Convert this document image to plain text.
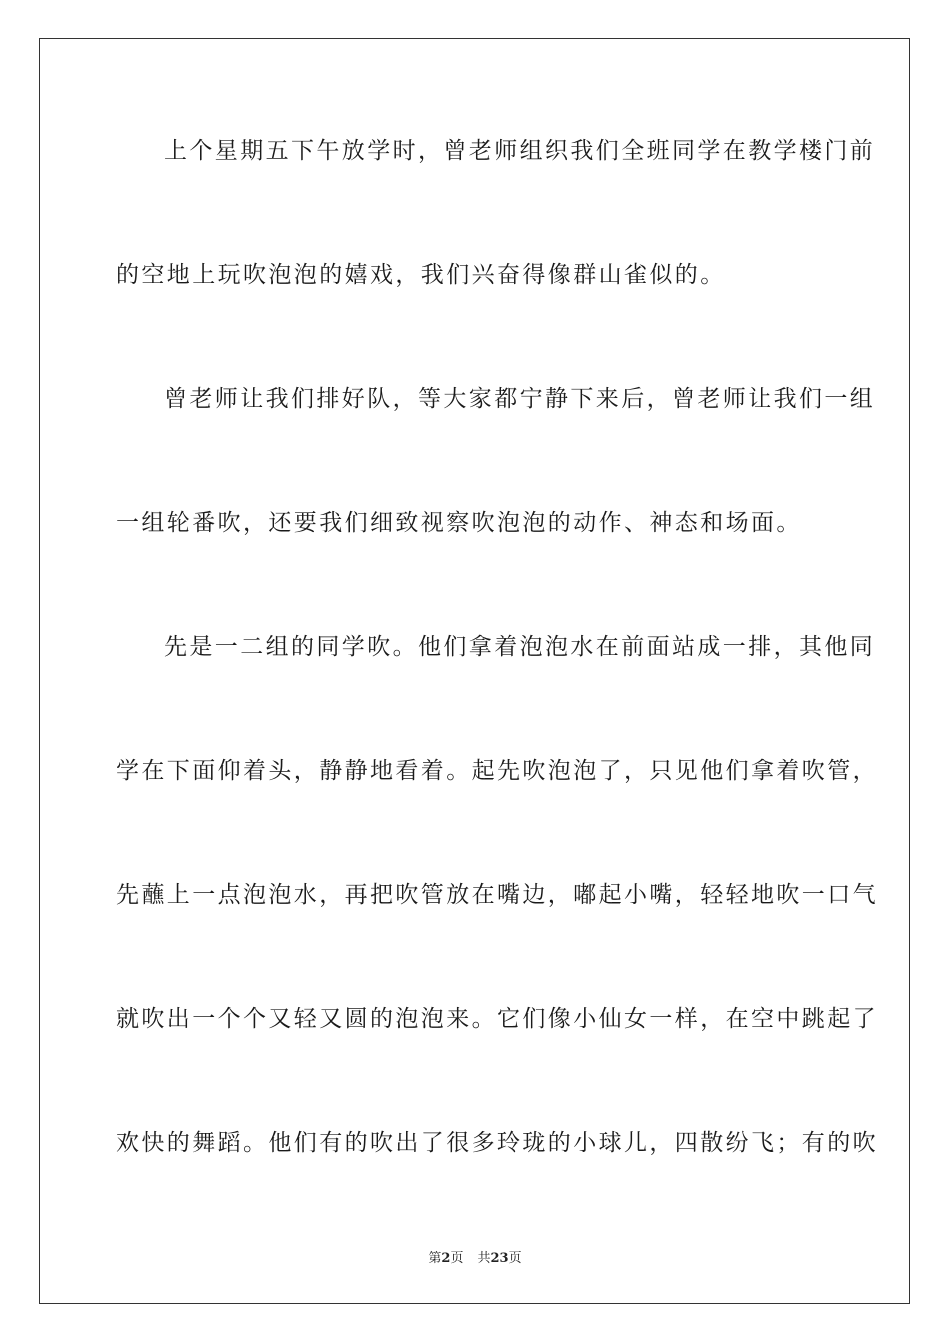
上个星期五下午放学时，曾老师组织我们全班同学在教学楼门前
的空地上玩吹泡泡的嬉戏，我们兴奋得像群山雀似的。
曾老师让我们排好队，等大家都宁静下来后，曾老师让我们一组
一组轮番吹，还要我们细致视察吹泡泡的动作、神态和场面。
先是一二组的同学吹。他们拿着泡泡水在前面站成一排，其他同
学在下面仰着头，静静地看着。起先吹泡泡了，只见他们拿着吹管，
先蘸上一点泡泡水，再把吹管放在嘴边，嘟起小嘴，轻轻地吹一口气
就吹出一个个又轻又圆的泡泡来。它们像小仙女一样，在空中跳起了
欢快的舞蹈。他们有的吹出了很多玲珑的小球儿，四散纷飞；有的吹
第2页 共23页
